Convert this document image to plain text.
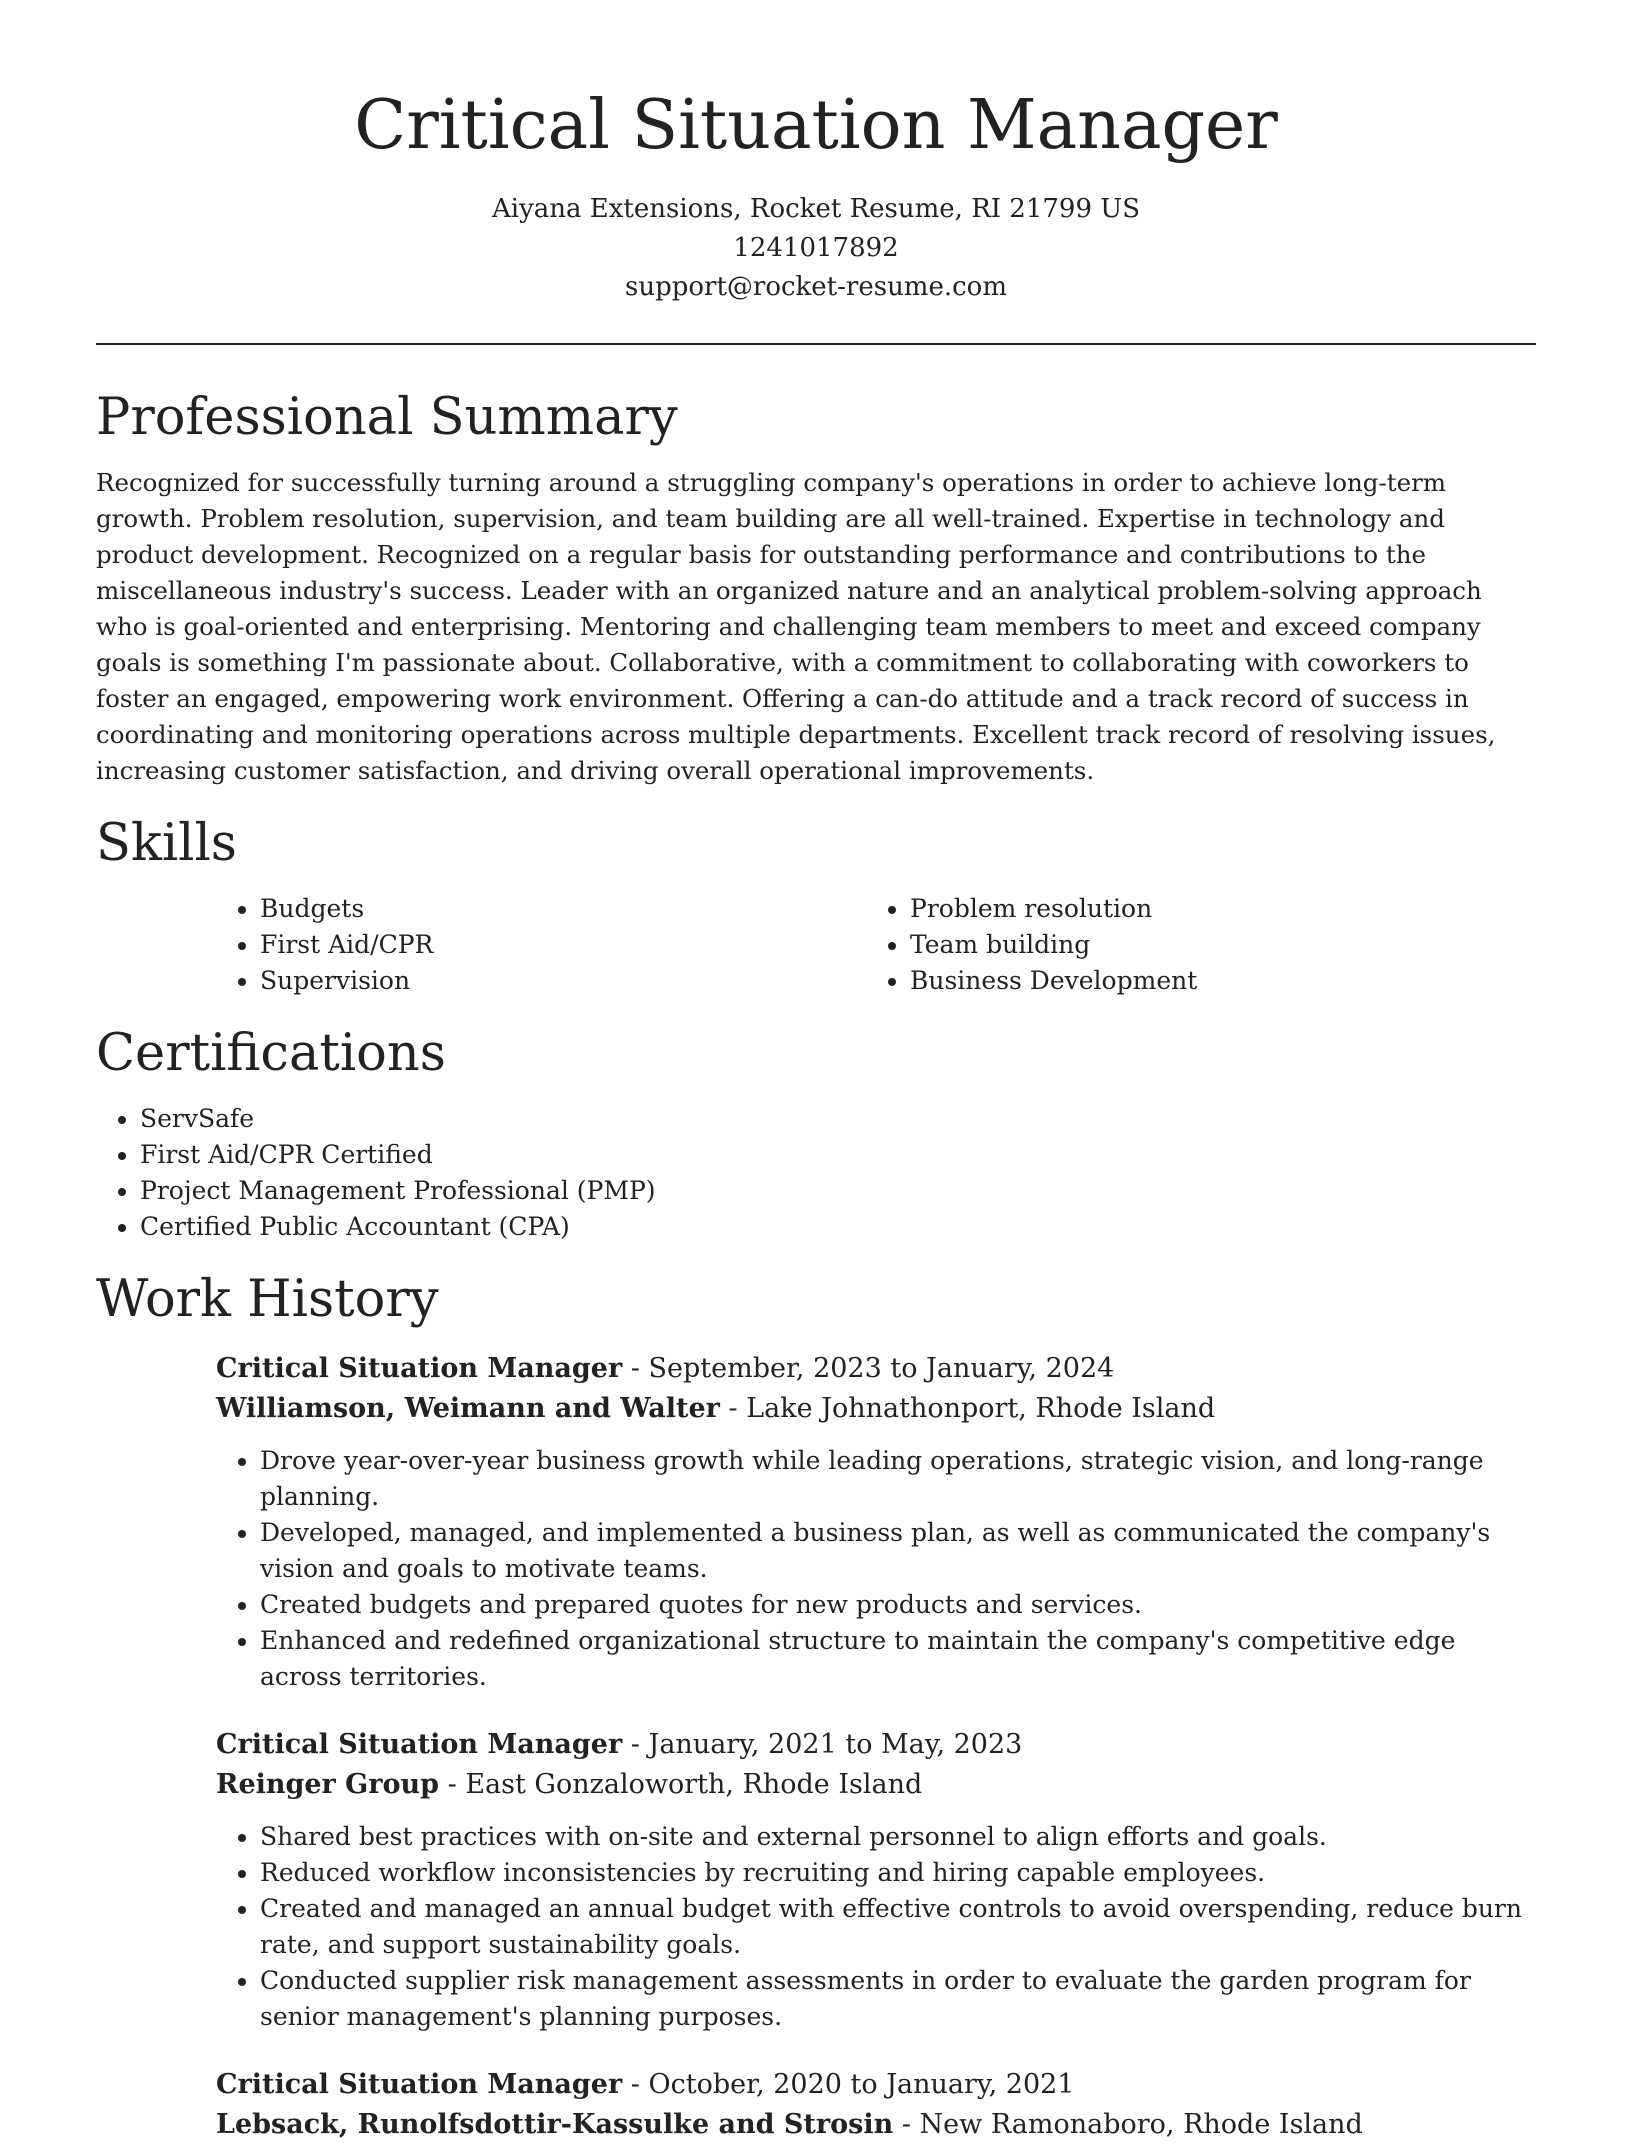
Critical Situation Manager
Aiyana Extensions, Rocket Resume, RI 21799 US
1241017892
support@rocket-resume.com
Professional Summary

Recognized for successfully turning around a struggling company's operations in order to achieve long-term growth. Problem resolution, supervision, and team building are all well-trained. Expertise in technology and product development. Recognized on a regular basis for outstanding performance and contributions to the miscellaneous industry's success. Leader with an organized nature and an analytical problem-solving approach who is goal-oriented and enterprising. Mentoring and challenging team members to meet and exceed company goals is something I'm passionate about. Collaborative, with a commitment to collaborating with coworkers to foster an engaged, empowering work environment. Offering a can-do attitude and a track record of success in coordinating and monitoring operations across multiple departments. Excellent track record of resolving issues, increasing customer satisfaction, and driving overall operational improvements.

Skills
• Budgets
• First Aid/CPR
• Supervision
• Problem resolution
• Team building
• Business Development
Certifications
• ServSafe
• First Aid/CPR Certified
• Project Management Professional (PMP)
• Certified Public Accountant (CPA)
Work History
Critical Situation Manager - September, 2023 to January, 2024
Williamson, Weimann and Walter - Lake Johnathonport, Rhode Island
• Drove year-over-year business growth while leading operations, strategic vision, and long-range planning.
• Developed, managed, and implemented a business plan, as well as communicated the company's vision and goals to motivate teams.
• Created budgets and prepared quotes for new products and services.
• Enhanced and redefined organizational structure to maintain the company's competitive edge across territories.
Critical Situation Manager - January, 2021 to May, 2023
Reinger Group - East Gonzaloworth, Rhode Island
• Shared best practices with on-site and external personnel to align efforts and goals.
• Reduced workflow inconsistencies by recruiting and hiring capable employees.
• Created and managed an annual budget with effective controls to avoid overspending, reduce burn rate, and support sustainability goals.
• Conducted supplier risk management assessments in order to evaluate the garden program for senior management's planning purposes.
Critical Situation Manager - October, 2020 to January, 2021
Lebsack, Runolfsdottir-Kassulke and Strosin - New Ramonaboro, Rhode Island
